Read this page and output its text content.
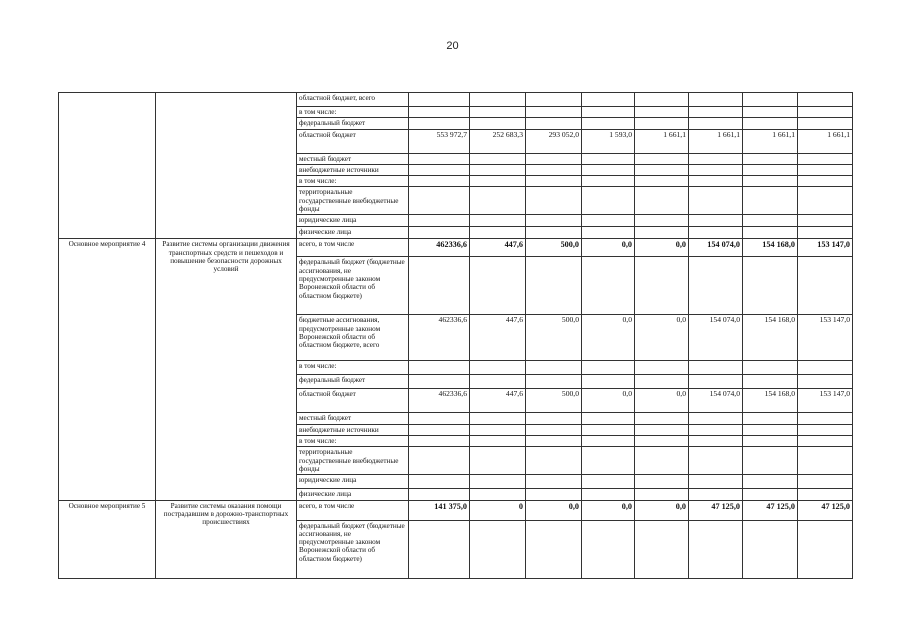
20
		областной бюджет, всего								
		в том числе:								
		федеральный бюджет								
		областной бюджет	553 972,7	252 683,3	293 052,0	1 593,0	1 661,1	1 661,1	1 661,1	1 661,1
		местный бюджет								
		внебюджетные источники								
		в том числе:								
		территориальные государственные внебюджетные фонды								
		юридические лица								
		физические лица								
Основное мероприятие 4	Развитие системы организации движения транспортных средств и пешеходов и повышение безопасности дорожных условий	всего, в том числе	462336,6	447,6	500,0	0,0	0,0	154 074,0	154 168,0	153 147,0
		федеральный бюджет (бюджетные ассигнования, не предусмотренные законом Воронежской области об областном бюджете)								
		бюджетные ассигнования, предусмотренные законом Воронежской области об областном бюджете, всего	462336,6	447,6	500,0	0,0	0,0	154 074,0	154 168,0	153 147,0
		в том числе:								
		федеральный бюджет								
		областной бюджет	462336,6	447,6	500,0	0,0	0,0	154 074,0	154 168,0	153 147,0
		местный бюджет								
		внебюджетные источники								
		в том числе:								
		территориальные государственные внебюджетные фонды								
		юридические лица								
		физические лица								
Основное мероприятие 5	Развитие системы оказания помощи пострадавшим в дорожно-транспортных происшествиях	всего, в том числе	141 375,0	0	0,0	0,0	0,0	47 125,0	47 125,0	47 125,0
		федеральный бюджет (бюджетные ассигнования, не предусмотренные законом Воронежской области об областном бюджете)								
